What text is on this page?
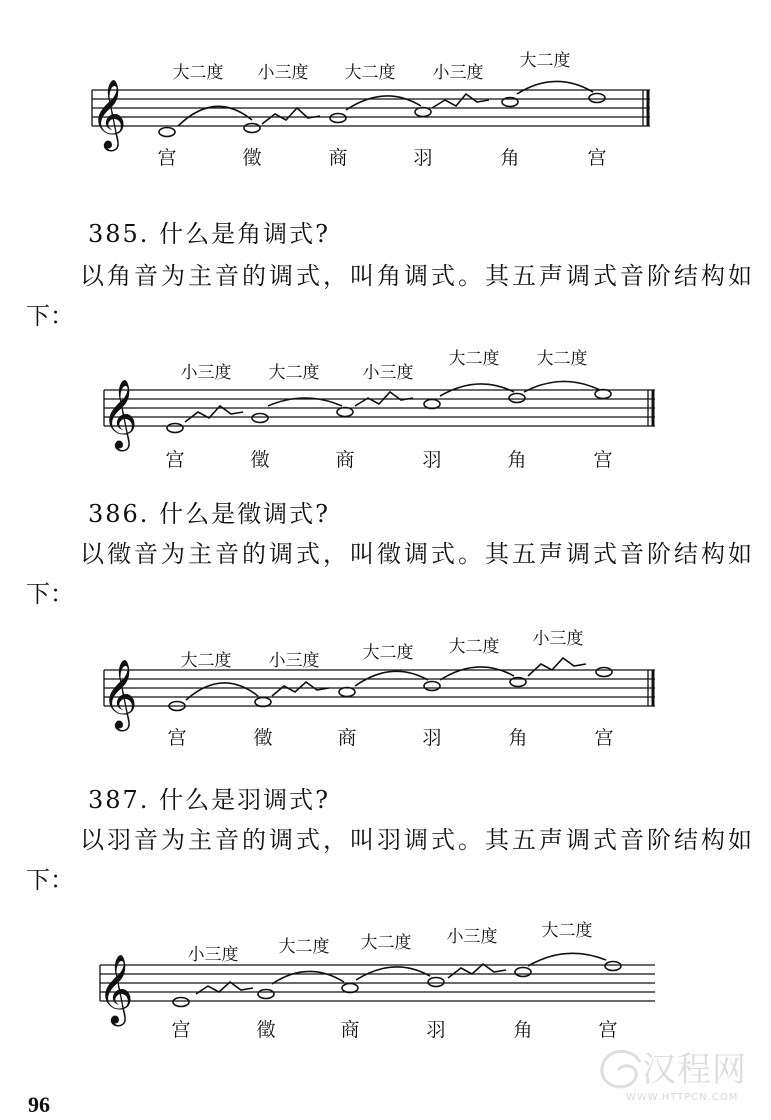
𝄞
大二度 小三度 大二度 小三度
大二度
宫	徵	商	羽	角	宫
385. 什么是角调式?
以角音为主音的调式，叫角调式。其五声调式音阶结构如
下：
𝄞
小三度 大二度	小三度
大二度 大二度
宫	徵	商	羽	角	宫
386. 什么是徵调式?
以徵音为主音的调式，叫徵调式。其五声调式音阶结构如
下：
𝄞	大二度 小三度	大二度 大二度 小三度
宫	徵	商	羽	角	宫
387. 什么是羽调式?
以羽音为主音的调式，叫羽调式。其五声调式音阶结构如
下：
𝄞	小三度 大二度 大二度 小三度	大二度
宫	徵	商	羽	角	宫
96
汉程网
WWW.HTTPCN.COM
